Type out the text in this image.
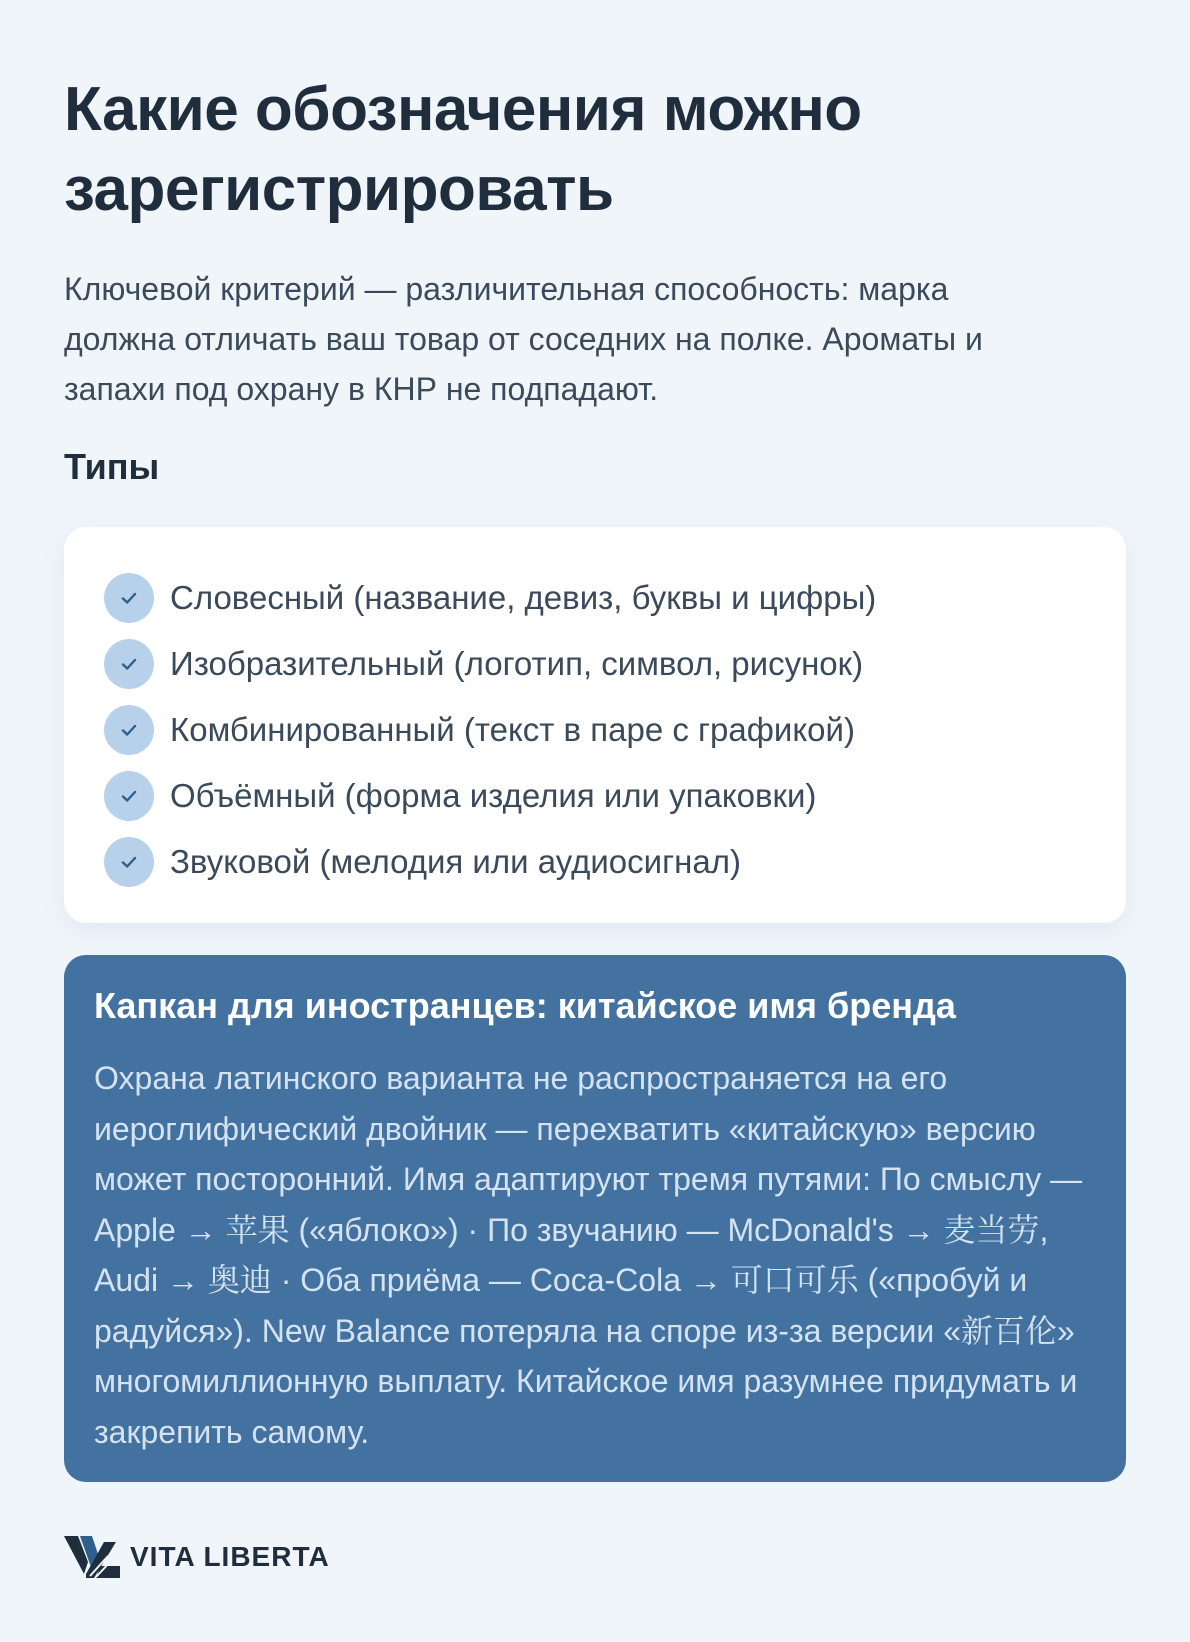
Какие обозначения можно зарегистрировать

Ключевой критерий — различительная способность: марка должна отличать ваш товар от соседних на полке. Ароматы и запахи под охрану в КНР не подпадают.

Типы
Словесный (название, девиз, буквы и цифры)
Изобразительный (логотип, символ, рисунок)
Комбинированный (текст в паре с графикой)
Объёмный (форма изделия или упаковки)
Звуковой (мелодия или аудиосигнал)
Капкан для иностранцев: китайское имя бренда
Охрана латинского варианта не распространяется на его иероглифический двойник — перехватить «китайскую» версию может посторонний. Имя адаптируют тремя путями: По смыслу — Apple → 苹果 («яблоко») · По звучанию — McDonald's → 麦当劳, Audi → 奥迪 · Оба приёма — Coca‑Cola → 可口可乐 («пробуй и радуйся»). New Balance потеряла на споре из‑за версии «新百伦» многомиллионную выплату. Китайское имя разумнее придумать и закрепить самому.
VITA LIBERTA
